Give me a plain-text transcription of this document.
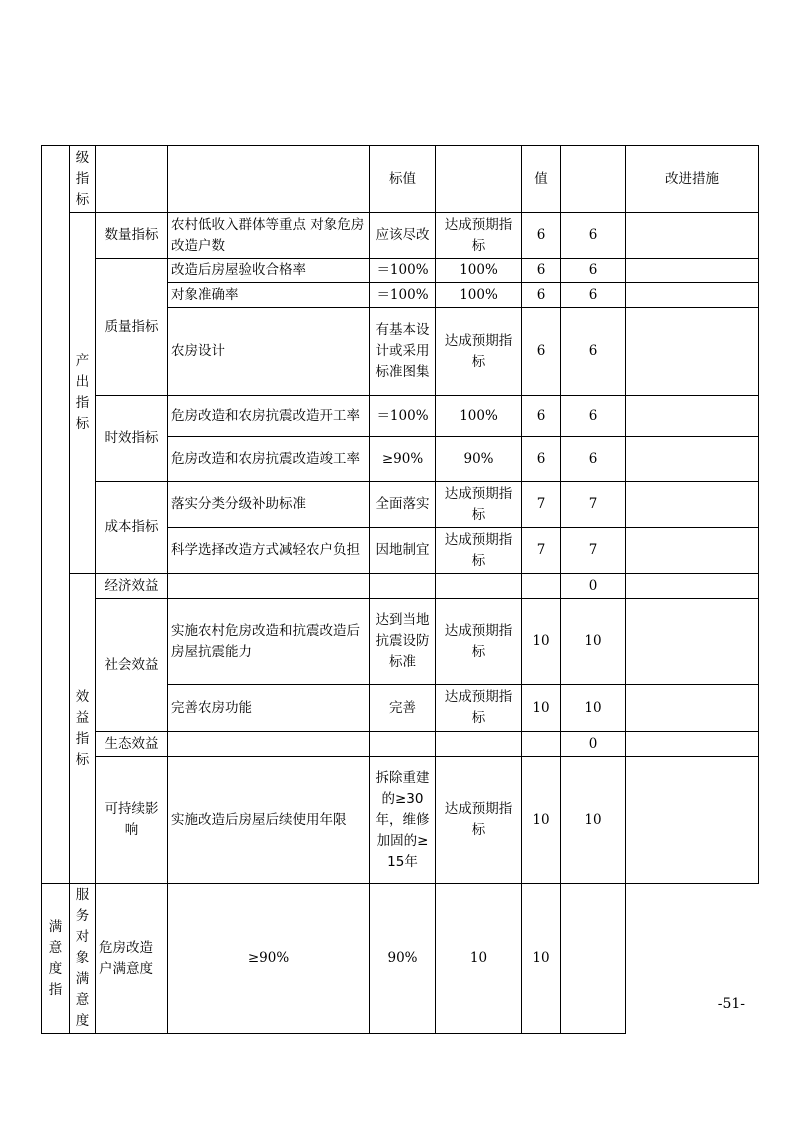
	级指标			标值		值		改进措施
	产出指标	数量指标	农村低收入群体等重点 对象危房改造户数	应该尽改	达成预期指标	6	6	
		质量指标	改造后房屋验收合格率	＝100%	100%	6	6	
			对象准确率	＝100%	100%	6	6	
			农房设计	有基本设计或采用标准图集	达成预期指标	6	6	
		时效指标	危房改造和农房抗震改造开工率	＝100%	100%	6	6	
			危房改造和农房抗震改造竣工率	≥90%	90%	6	6	
		成本指标	落实分类分级补助标准	全面落实	达成预期指标	7	7	
			科学选择改造方式减轻农户负担	因地制宜	达成预期指标	7	7	
	效益指标	经济效益					0	
		社会效益	实施农村危房改造和抗震改造后房屋抗震能力	达到当地抗震设防标准	达成预期指标	10	10	
			完善农房功能	完善	达成预期指标	10	10	
		生态效益					0	
		可持续影响	实施改造后房屋后续使用年限	拆除重建的≥30年，维修加固的≥15年	达成预期指标	10	10	
满意度指	服务对象满意度	危房改造户满意度	≥90%	90%	10	10		
-51-
